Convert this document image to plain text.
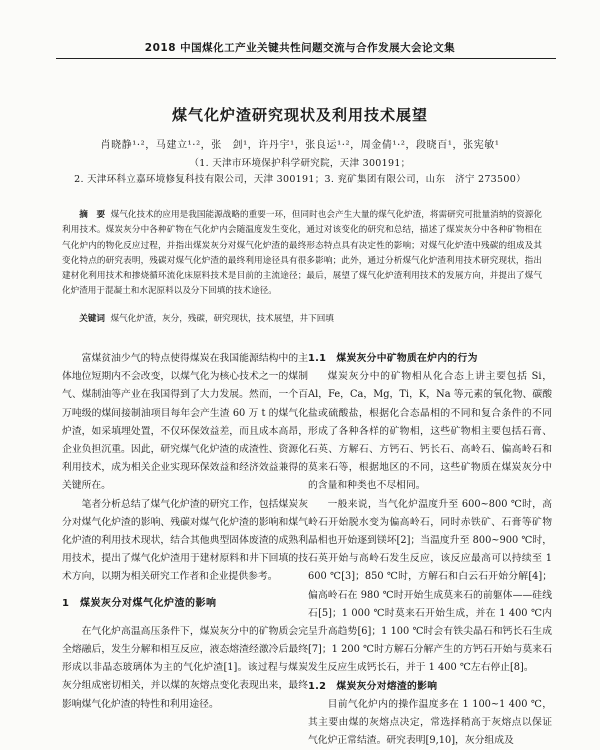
2018 中国煤化工产业关键共性问题交流与合作发展大会论文集
煤气化炉渣研究现状及利用技术展望
肖晓静¹·²，马建立¹·²，张　剑¹，许丹宇¹，张良运¹·²，周金倩¹·²，段晓百¹，张宪敏¹
（1. 天津市环境保护科学研究院，天津 300191；
2. 天津环科立嘉环境修复科技有限公司，天津 300191；3. 兖矿集团有限公司，山东　济宁 273500）
摘　要 煤气化技术的应用是我国能源战略的重要一环，但同时也会产生大量的煤气化炉渣，将需研究可批量消纳的资源化利用技术。煤炭灰分中各种矿物在气化炉内会随温度发生变化，通过对该变化的研究和总结，描述了煤炭灰分中各种矿物相在气化炉内的物化反应过程，并指出煤炭灰分对煤气化炉渣的最终形态特点具有决定性的影响；对煤气化炉渣中残碳的组成及其变化特点的研究表明，残碳对煤气化炉渣的最终利用途径具有很多影响；此外，通过分析煤气化炉渣利用技术研究现状，指出建材化利用技术和掺烧循环流化床原料技术是目前的主流途径；最后，展望了煤气化炉渣利用技术的发展方向，并提出了煤气化炉渣用于混凝土和水泥原料以及分下回填的技术途径。
关键词 煤气化炉渣，灰分，残碳，研究现状，技术展望，井下回填

富煤贫油少气的特点使得煤炭在我国能源结构中的主体地位短期内不会改变，以煤气化为核心技术之一的煤制气、煤制油等产业在我国得到了大力发展。然而，一个百万吨级的煤间接制油项目每年会产生渣 60 万 t 的煤气化炉渣，如采填埋处置，不仅环保效益差，而且成本高昂，企业负担沉重。因此，研究煤气化炉渣的成渣性、资源化利用技术，成为相关企业实现环保效益和经济效益兼得的关键所在。

笔者分析总结了煤气化炉渣的研究工作，包括煤炭灰分对煤气化炉渣的影响、残碳对煤气化炉渣的影响和煤气化炉渣的利用技术现状，结合其他典型固体废渣的成熟利用技术，提出了煤气化炉渣用于建材原料和井下回填的技术方向，以期为相关研究工作者和企业提供参考。

1　煤炭灰分对煤气化炉渣的影响

在气化炉高温高压条件下，煤炭灰分中的矿物质会完全熔融后，发生分解和相互反应，液态熔渣经激冷后最终形成以非晶态玻璃体为主的气化炉渣[1]。该过程与煤炭灰分组成密切相关，并以煤的灰熔点变化表现出来，最终影响煤气化炉渣的特性和利用途径。

1.1　煤炭灰分中矿物质在炉内的行为

煤炭灰分中的矿物相从化合态上讲主要包括 Si，Al，Fe，Ca，Mg，Ti，K，Na 等元素的氧化物、碳酸盐或硫酸盐，根据化合态晶相的不同和复合条件的不同形成了各种各样的矿物相，这些矿物相主要包括石膏、石英、方解石、方钙石、钙长石、高岭石、偏高岭石和莫来石等，根据地区的不同，这些矿物质在煤炭灰分中的含量和种类也不尽相同。

一般来说，当气化炉温度升至 600~800 ℃时，高岭石开始脱水变为偏高岭石，同时赤铁矿、石膏等矿物晶相也开始逐到镁坏[2]；当温度升至 800~900 ℃时，石英开始与高岭石发生反应，该反应最高可以持续至 1 600 ℃[3]；850 ℃时，方解石和白云石开始分解[4]；偏高岭石在 980 ℃时开始生成莫来石的前躯体——硅线石[5]；1 000 ℃时莫来石开始生成，并在 1 400 ℃内呈升高趋势[6]；1 100 ℃时会有铁尖晶石和钙长石生成[7]；1 200 ℃时方解石分解产生的方钙石开始与莫来石发生反应生成钙长石，并于 1 400 ℃左右停止[8]。

1.2　煤炭灰分对熔渣的影响

目前气化炉内的操作温度多在 1 100~1 400 ℃，其主要由煤的灰熔点决定，常选择稍高于灰熔点以保证气化炉正常结渣。研究表明[9,10]，灰分组成及
